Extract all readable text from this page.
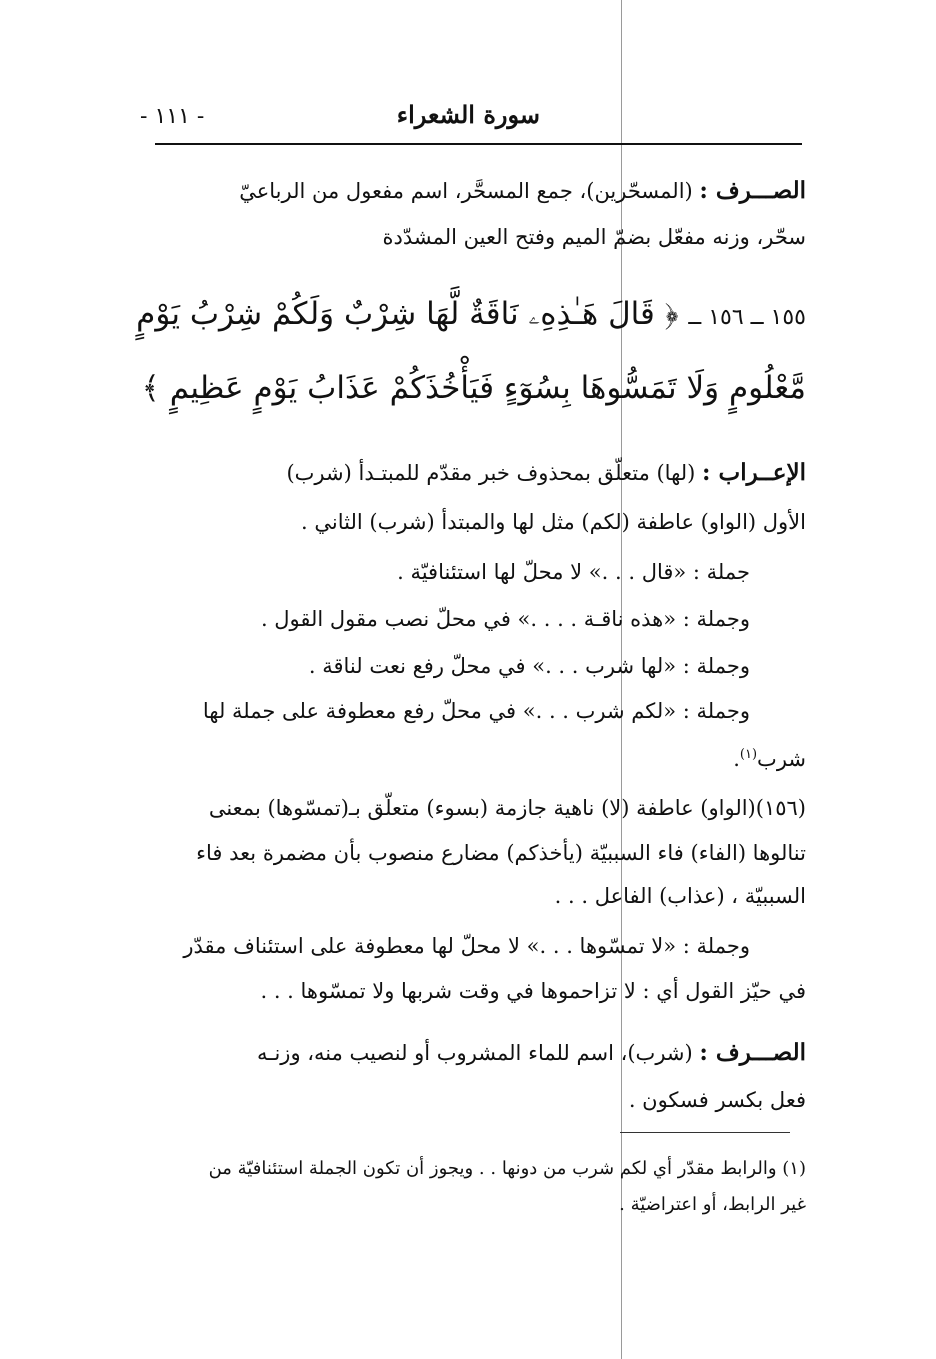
- ١١١ -	سورة الشعراء
الصـــرف : (المسحّرين)، جمع المسحَّر، اسم مفعول من الرباعيّ
سحّر، وزنه مفعّل بضمّ الميم وفتح العين المشدّدة
١٥٥ ــ ١٥٦ ــ ﴿ قَالَ هَـٰذِهِۦ نَاقَةٌ لَّهَا شِرْبٌ وَلَكُمْ شِرْبُ يَوْمٍ
مَّعْلُومٍ وَلَا تَمَسُّوهَا بِسُوٓءٍ فَيَأْخُذَكُمْ عَذَابُ يَوْمٍ عَظِيمٍ ﴾
الإعــراب : (لها) متعلّق بمحذوف خبر مقدّم للمبتـدأ (شرب)
الأول (الواو) عاطفة (لكم) مثل لها والمبتدأ (شرب) الثاني .
جملة : «قال . . .» لا محلّ لها استئنافيّة .
وجملة : «هذه ناقـة . . . .» في محلّ نصب مقول القول .
وجملة : «لها شرب . . .» في محلّ رفع نعت لناقة .
وجملة : «لكم شرب . . .» في محلّ رفع معطوفة على جملة لها
شرب$^{(١)}$.
(١٥٦)(الواو) عاطفة (لا) ناهية جازمة (بسوء) متعلّق بـ(تمسّوها) بمعنى
تنالوها (الفاء) فاء السببيّة (يأخذكم) مضارع منصوب بأن مضمرة بعد فاء
السببيّة ، (عذاب) الفاعل . . .
وجملة : «لا تمسّوها . . .» لا محلّ لها معطوفة على استئناف مقدّر
في حيّز القول أي : لا تزاحموها في وقت شربها ولا تمسّوها . . .
الصـــرف : (شرب)، اسم للماء المشروب أو لنصيب منه، وزنـه
فعل بكسر فسكون .
(١) والرابط مقدّر أي لكم شرب من دونها . . ويجوز أن تكون الجملة استئنافيّة من
غير الرابط، أو اعتراضيّة .
